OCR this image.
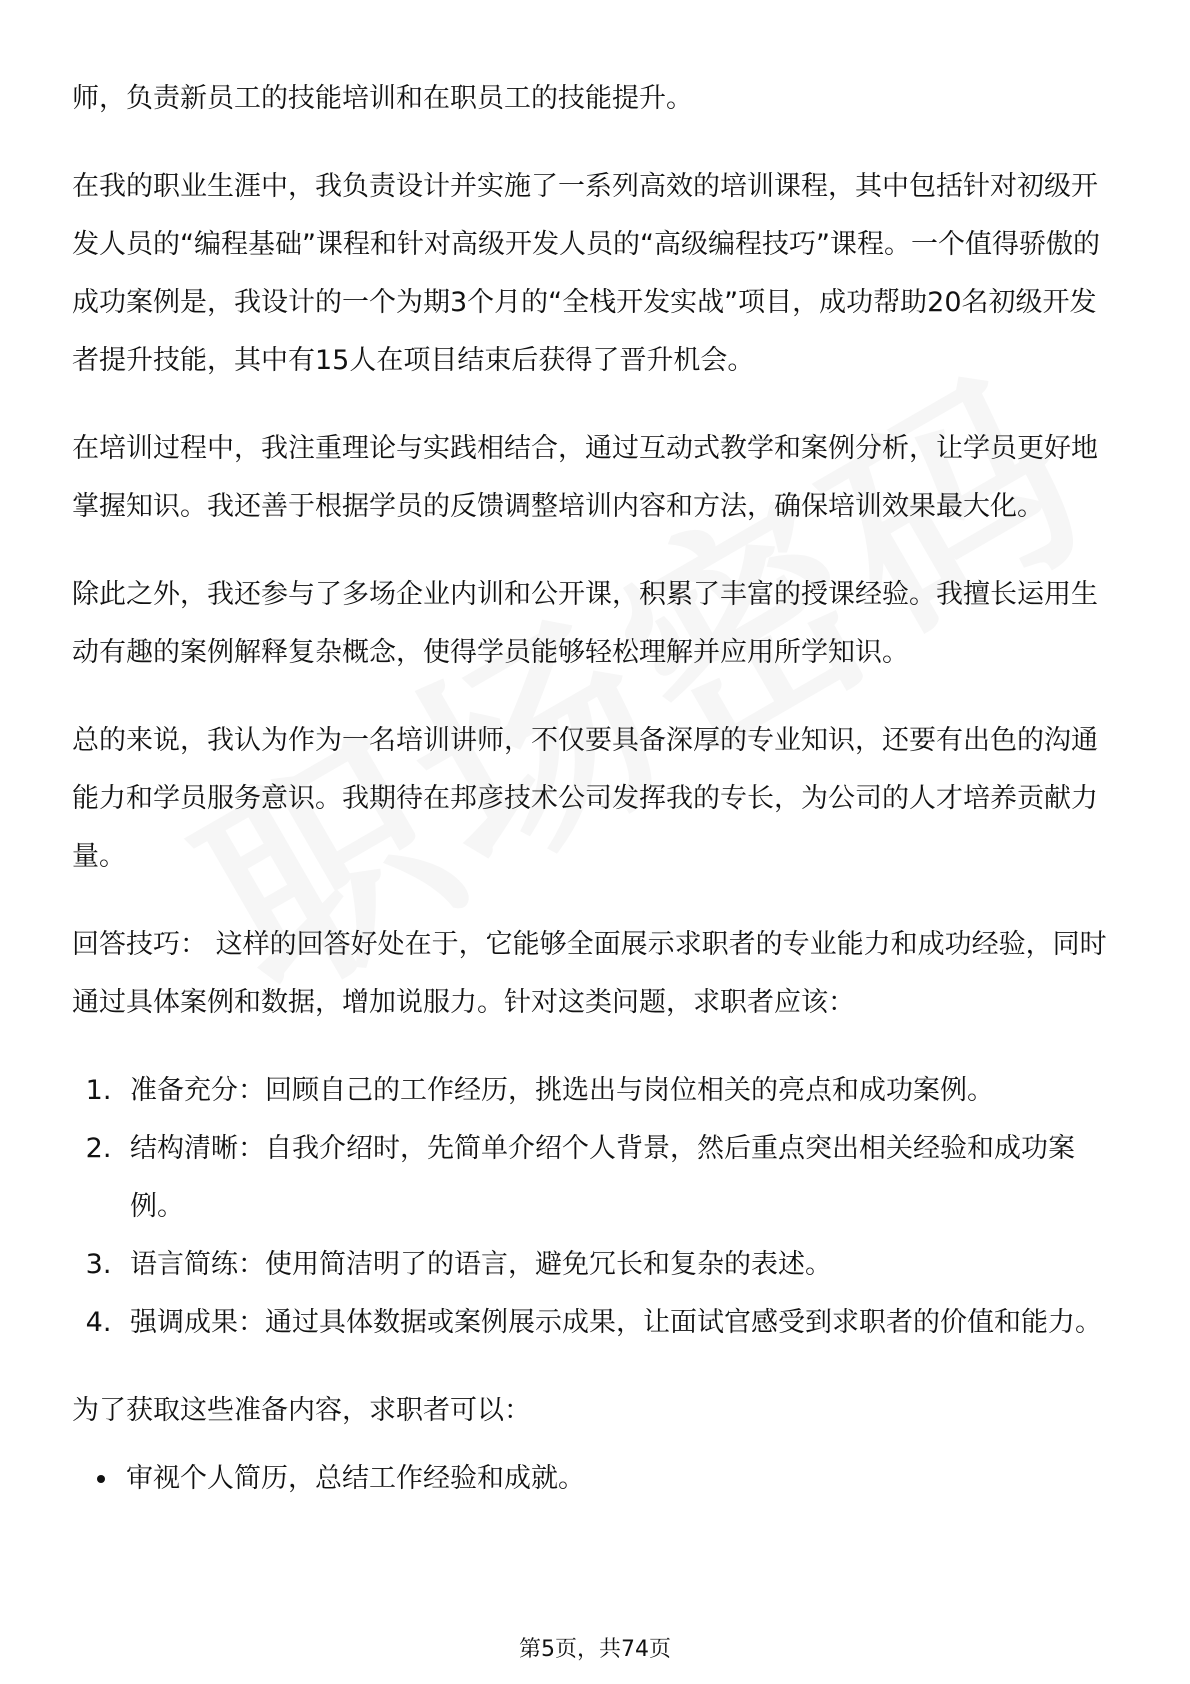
师，负责新员工的技能培训和在职员工的技能提升。

在我的职业生涯中，我负责设计并实施了一系列高效的培训课程，其中包括针对初级开发人员的“编程基础”课程和针对高级开发人员的“高级编程技巧”课程。一个值得骄傲的成功案例是，我设计的一个为期3个月的“全栈开发实战”项目，成功帮助20名初级开发者提升技能，其中有15人在项目结束后获得了晋升机会。

在培训过程中，我注重理论与实践相结合，通过互动式教学和案例分析，让学员更好地掌握知识。我还善于根据学员的反馈调整培训内容和方法，确保培训效果最大化。

除此之外，我还参与了多场企业内训和公开课，积累了丰富的授课经验。我擅长运用生动有趣的案例解释复杂概念，使得学员能够轻松理解并应用所学知识。

总的来说，我认为作为一名培训讲师，不仅要具备深厚的专业知识，还要有出色的沟通能力和学员服务意识。我期待在邦彦技术公司发挥我的专长，为公司的人才培养贡献力量。

回答技巧： 这样的回答好处在于，它能够全面展示求职者的专业能力和成功经验，同时通过具体案例和数据，增加说服力。针对这类问题，求职者应该：

1. 准备充分：回顾自己的工作经历，挑选出与岗位相关的亮点和成功案例。
2. 结构清晰：自我介绍时，先简单介绍个人背景，然后重点突出相关经验和成功案例。
3. 语言简练：使用简洁明了的语言，避免冗长和复杂的表述。
4. 强调成果：通过具体数据或案例展示成果，让面试官感受到求职者的价值和能力。

为了获取这些准备内容，求职者可以：

• 审视个人简历，总结工作经验和成就。
第5页，共74页
